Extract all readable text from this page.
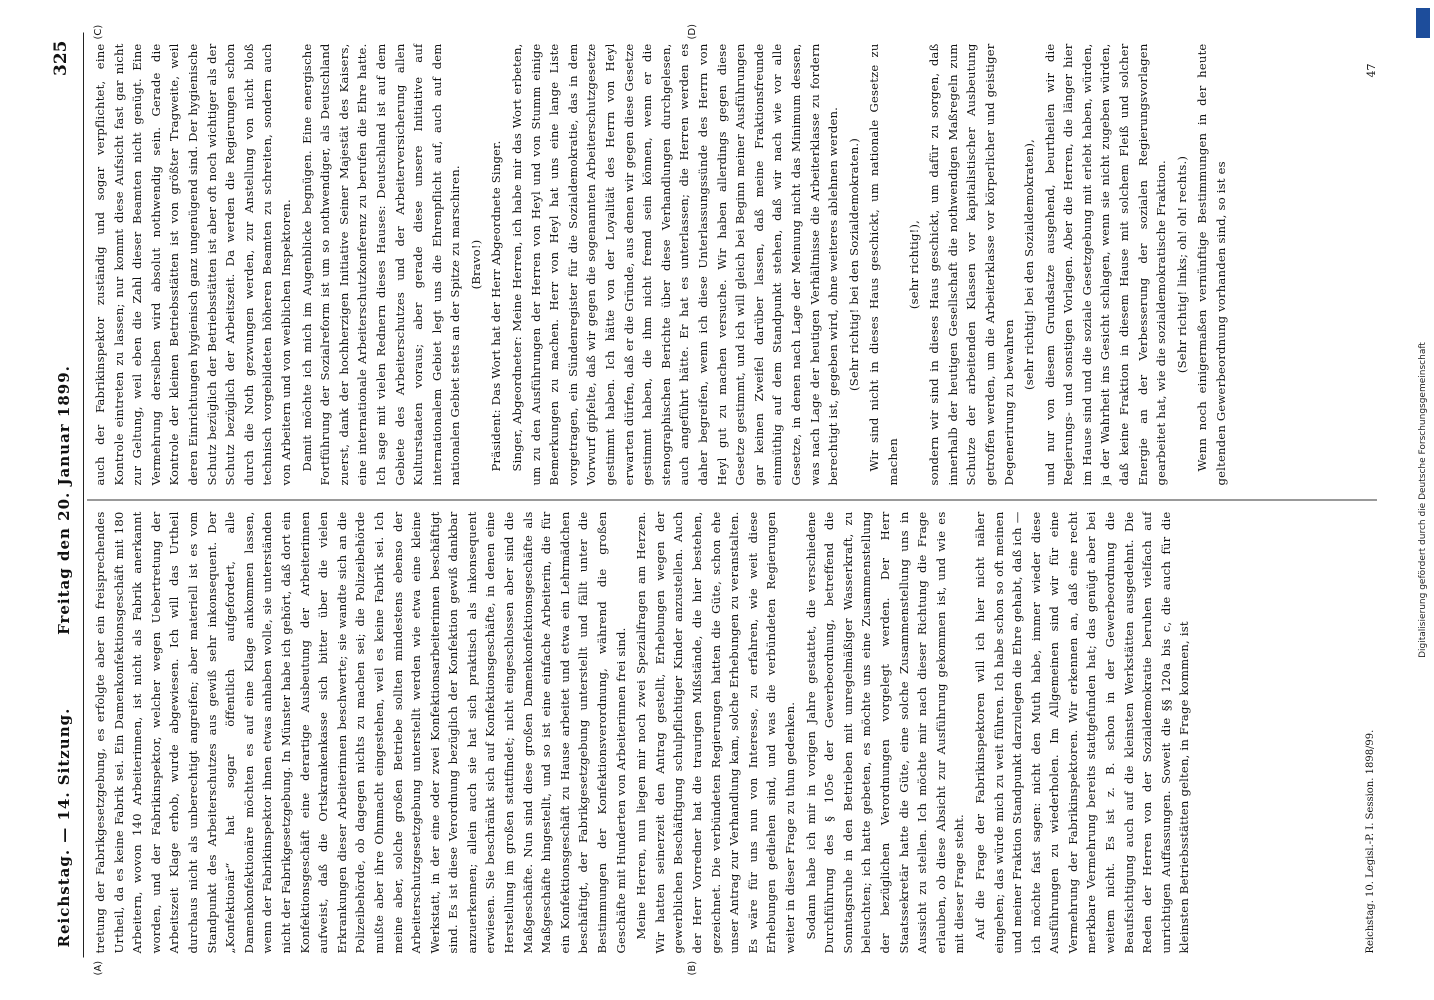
Reichstag. — 14. Sitzung.
Freitag den 20. Januar 1899.
325
(A)	(B)
(C)	(D)

tretung der Fabrikgesetzgebung, es erfolgte aber ein freisprechendes Urtheil, da es keine Fabrik sei. Ein Damenkonfektionsgeschäft mit 180 Arbeitern, wovon 140 Arbeiterinnen, ist nicht als Fabrik anerkannt worden, und der Fabrikinspektor, welcher wegen Uebertretung der Arbeitszeit Klage erhob, wurde abgewiesen. Ich will das Urtheil durchaus nicht als unberechtigt angreifen; aber materiell ist es vom Standpunkt des Arbeiterschutzes aus gewiß sehr inkonsequent. Der „Konfektionär“ hat sogar öffentlich aufgefordert, alle Damenkonfektionäre möchten es auf eine Klage ankommen lassen, wenn der Fabrikinspektor ihnen etwas anhaben wolle, sie unterständen nicht der Fabrikgesetzgebung. In Münster habe ich gehört, daß dort ein Konfektionsgeschäft eine derartige Ausbeutung der Arbeiterinnen aufweist, daß die Ortskrankenkasse sich bitter über die vielen Erkrankungen dieser Arbeiterinnen beschwerte; sie wandte sich an die Polizeibehörde, ob dagegen nichts zu machen sei; die Polizeibehörde mußte aber ihre Ohnmacht eingestehen, weil es keine Fabrik sei. Ich meine aber, solche großen Betriebe sollten mindestens ebenso der Arbeiterschutzgesetzgebung unterstellt werden wie etwa eine kleine Werkstatt, in der eine oder zwei Konfektionsarbeiterinnen beschäftigt sind. Es ist diese Verordnung bezüglich der Konfektion gewiß dankbar anzuerkennen; allein auch sie hat sich praktisch als inkonsequent erwiesen. Sie beschränkt sich auf Konfektionsgeschäfte, in denen eine Herstellung im großen stattfindet; nicht eingeschlossen aber sind die Maßgeschäfte. Nun sind diese großen Damenkonfektionsgeschäfte als Maßgeschäfte hingestellt, und so ist eine einfache Arbeiterin, die für ein Konfektionsgeschäft zu Hause arbeitet und etwa ein Lehrmädchen beschäftigt, der Fabrikgesetzgebung unterstellt und fällt unter die Bestimmungen der Konfektionsverordnung, während die großen Geschäfte mit Hunderten von Arbeiterinnen frei sind. Meine Herren, nun liegen mir noch zwei Spezialfragen am Herzen. Wir hatten seinerzeit den Antrag gestellt, Erhebungen wegen der gewerblichen Beschäftigung schulpflichtiger Kinder anzustellen. Auch der Herr Vorredner hat die traurigen Mißstände, die hier bestehen, gezeichnet. Die verbündeten Regierungen hatten die Güte, schon ehe unser Antrag zur Verhandlung kam, solche Erhebungen zu veranstalten. Es wäre für uns nun von Interesse, zu erfahren, wie weit diese Erhebungen gediehen sind, und was die verbündeten Regierungen weiter in dieser Frage zu thun gedenken. Sodann habe ich mir in vorigen Jahre gestattet, die verschiedene Durchführung des § 105e der Gewerbeordnung, betreffend die Sonntagsruhe in den Betrieben mit unregelmäßiger Wasserkraft, zu beleuchten; ich hatte gebeten, es möchte uns eine Zusammenstellung der bezüglichen Verordnungen vorgelegt werden. Der Herr Staatssekretär hatte die Güte, eine solche Zusammenstellung uns in Aussicht zu stellen. Ich möchte mir nach dieser Richtung die Frage erlauben, ob diese Absicht zur Ausführung gekommen ist, und wie es mit dieser Frage steht. Auf die Frage der Fabrikinspektoren will ich hier nicht näher eingehen; das würde mich zu weit führen. Ich habe schon so oft meinen und meiner Fraktion Standpunkt darzulegen die Ehre gehabt, daß ich — ich möchte fast sagen: nicht den Muth habe, immer wieder diese Ausführungen zu wiederholen. Im Allgemeinen sind wir für eine Vermehrung der Fabrikinspektoren. Wir erkennen an, daß eine recht merkbare Vermehrung bereits stattgefunden hat; das genügt aber bei weitem nicht. Es ist z. B. schon in der Gewerbeordnung die Beaufsichtigung auch auf die kleinsten Werkstätten ausgedehnt. Die Reden der Herren von der Sozialdemokratie beruhen vielfach auf unrichtigen Auffassungen. Soweit die §§ 120a bis c, die auch für die kleinsten Betriebsstätten gelten, in Frage kommen, ist

auch der Fabrikinspektor zuständig und sogar verpflichtet, eine Kontrole eintreten zu lassen; nur kommt diese Aufsicht fast gar nicht zur Geltung, weil eben die Zahl dieser Beamten nicht genügt. Eine Vermehrung derselben wird absolut nothwendig sein. Gerade die Kontrole der kleinen Betriebsstätten ist von größter Tragweite, weil deren Einrichtungen hygienisch ganz ungenügend sind. Der hygienische Schutz bezüglich der Betriebsstätten ist aber oft noch wichtiger als der Schutz bezüglich der Arbeitszeit. Da werden die Regierungen schon durch die Noth gezwungen werden, zur Anstellung von nicht bloß technisch vorgebildeten höheren Beamten zu schreiten, sondern auch von Arbeitern und von weiblichen Inspektoren. Damit möchte ich mich im Augenblicke begnügen. Eine energische Fortführung der Sozialreform ist um so nothwendiger, als Deutschland zuerst, dank der hochherzigen Initiative Seiner Majestät des Kaisers, eine internationale Arbeiterschutzkonferenz zu berufen die Ehre hatte. Ich sage mit vielen Rednern dieses Hauses: Deutschland ist auf dem Gebiete des Arbeiterschutzes und der Arbeiterversicherung allen Kulturstaaten voraus; aber gerade diese unsere Initiative auf internationalem Gebiet legt uns die Ehrenpflicht auf, auch auf dem nationalen Gebiet stets an der Spitze zu marschiren. (Bravo!) Präsident: Das Wort hat der Herr Abgeordnete Singer. Singer, Abgeordneter: Meine Herren, ich habe mir das Wort erbeten, um zu den Ausführungen der Herren von Heyl und von Stumm einige Bemerkungen zu machen. Herr von Heyl hat uns eine lange Liste vorgetragen, ein Sündenregister für die Sozialdemokratie, das in dem Vorwurf gipfelte, daß wir gegen die sogenannten Arbeiterschutzgesetze gestimmt haben. Ich hätte von der Loyalität des Herrn von Heyl erwarten dürfen, daß er die Gründe, aus denen wir gegen diese Gesetze gestimmt haben, die ihm nicht fremd sein können, wenn er die stenographischen Berichte über diese Verhandlungen durchgelesen, auch angeführt hätte. Er hat es unterlassen; die Herren werden es daher begreifen, wenn ich diese Unterlassungssünde des Herrn von Heyl gut zu machen versuche. Wir haben allerdings gegen diese Gesetze gestimmt, und ich will gleich bei Beginn meiner Ausführungen gar keinen Zweifel darüber lassen, daß meine Fraktionsfreunde einmüthig auf dem Standpunkt stehen, daß wir nach wie vor alle Gesetze, in denen nach Lage der Meinung nicht das Minimum dessen, was nach Lage der heutigen Verhältnisse die Arbeiterklasse zu fordern berechtigt ist, gegeben wird, ohne weiteres ablehnen werden. (Sehr richtig! bei den Sozialdemokraten.) Wir sind nicht in dieses Haus geschickt, um nationale Gesetze zu machen

(sehr richtig!), sondern wir sind in dieses Haus geschickt, um dafür zu sorgen, daß innerhalb der heutigen Gesellschaft die nothwendigen Maßregeln zum Schutze der arbeitenden Klassen vor kapitalistischer Ausbeutung getroffen werden, um die Arbeiterklasse vor körperlicher und geistiger Degenerirung zu bewahren

(sehr richtig! bei den Sozialdemokraten), und nur von diesem Grundsatze ausgehend, beurtheilen wir die Regierungs- und sonstigen Vorlagen. Aber die Herren, die länger hier im Hause sind und die soziale Gesetzgebung mit erlebt haben, würden, ja der Wahrheit ins Gesicht schlagen, wenn sie nicht zugeben würden, daß keine Fraktion in diesem Hause mit solchem Fleiß und solcher Energie an der Verbesserung der sozialen Regierungsvorlagen gearbeitet hat, wie die sozialdemokratische Fraktion. (Sehr richtig! links; oh! oh! rechts.) Wenn noch einigermaßen vernünftige Bestimmungen in der heute geltenden Gewerbeordnung vorhanden sind, so ist es

Reichstag. 10. Legisl.-P. I. Session. 1898/99.
47
Digitalisierung gefördert durch die Deutsche Forschungsgemeinschaft
